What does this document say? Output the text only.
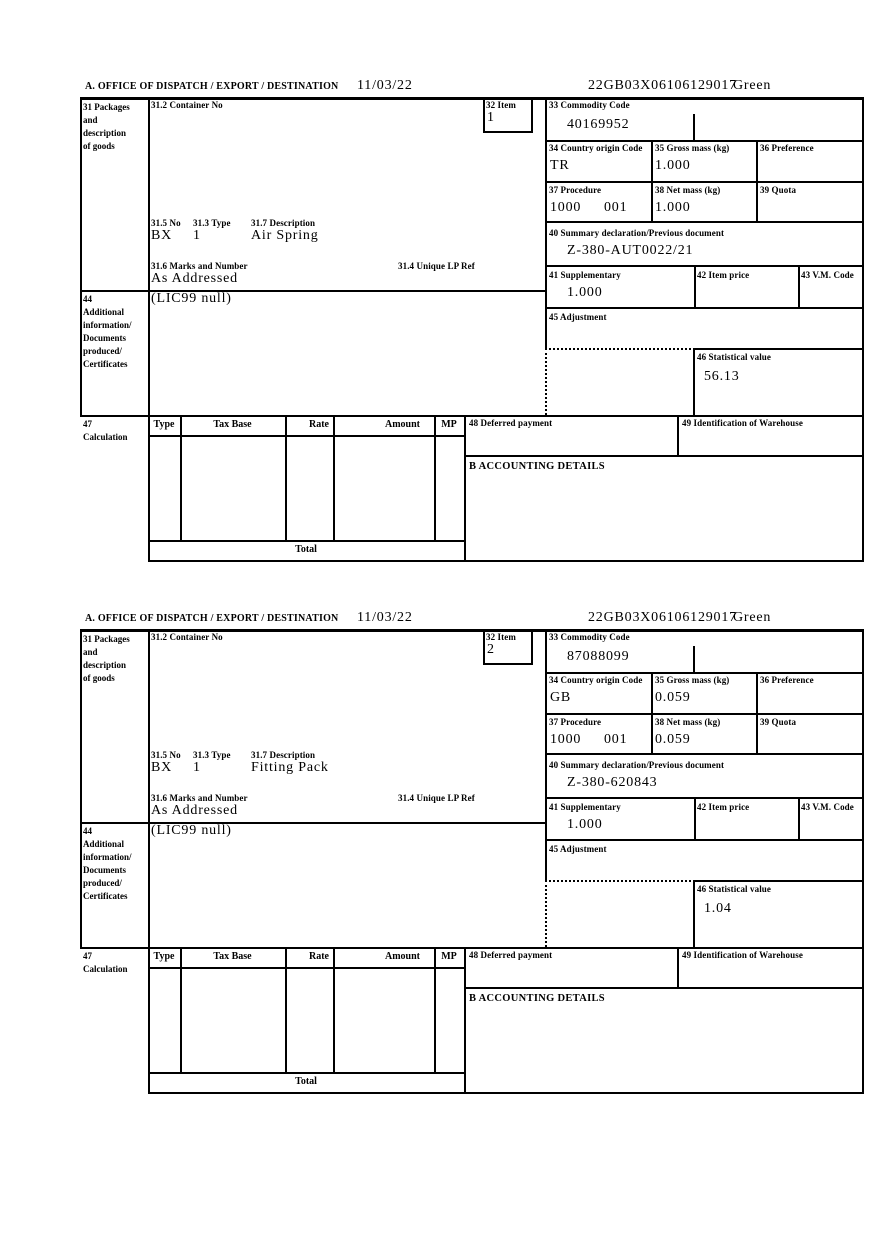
A. OFFICE OF DISPATCH / EXPORT / DESTINATION 11/03/22	22GB03X06106129017
Green
31 Packages
and
description
of goods
31.2 Container No	32 Item
1
33 Commodity Code
40169952
34 Country origin Code
TR
35 Gross mass (kg)
1.000
36 Preference
37 Procedure
1000 001
38 Net mass (kg)
1.000
39 Quota
40 Summary declaration/Previous document
Z-380-AUT0022/21
41 Supplementary
1.000
42 Item price	43 V.M. Code
45 Adjustment
46 Statistical value
56.13
31.5 No 31.3 Type 31.7 Description
BX 1	Air Spring
31.6 Marks and Number	31.4 Unique LP Ref
As Addressed
44
Additional
information/
Documents
produced/
Certificates
(LIC99 null)
47
Calculation
Type	Tax Base	Rate	Amount	MP	48 Deferred payment	49 Identification of Warehouse
B ACCOUNTING DETAILS
Total
A. OFFICE OF DISPATCH / EXPORT / DESTINATION 11/03/22	22GB03X06106129017
Green
31 Packages
and
description
of goods
31.2 Container No	32 Item
2
33 Commodity Code
87088099
34 Country origin Code
GB
35 Gross mass (kg)
0.059
36 Preference
37 Procedure
1000 001
38 Net mass (kg)
0.059
39 Quota
40 Summary declaration/Previous document
Z-380-620843
41 Supplementary
1.000
42 Item price	43 V.M. Code
45 Adjustment
46 Statistical value
1.04
31.5 No 31.3 Type 31.7 Description
BX 1	Fitting Pack
31.6 Marks and Number	31.4 Unique LP Ref
As Addressed
44
Additional
information/
Documents
produced/
Certificates
(LIC99 null)
47
Calculation
Type	Tax Base	Rate	Amount	MP	48 Deferred payment	49 Identification of Warehouse
B ACCOUNTING DETAILS
Total
